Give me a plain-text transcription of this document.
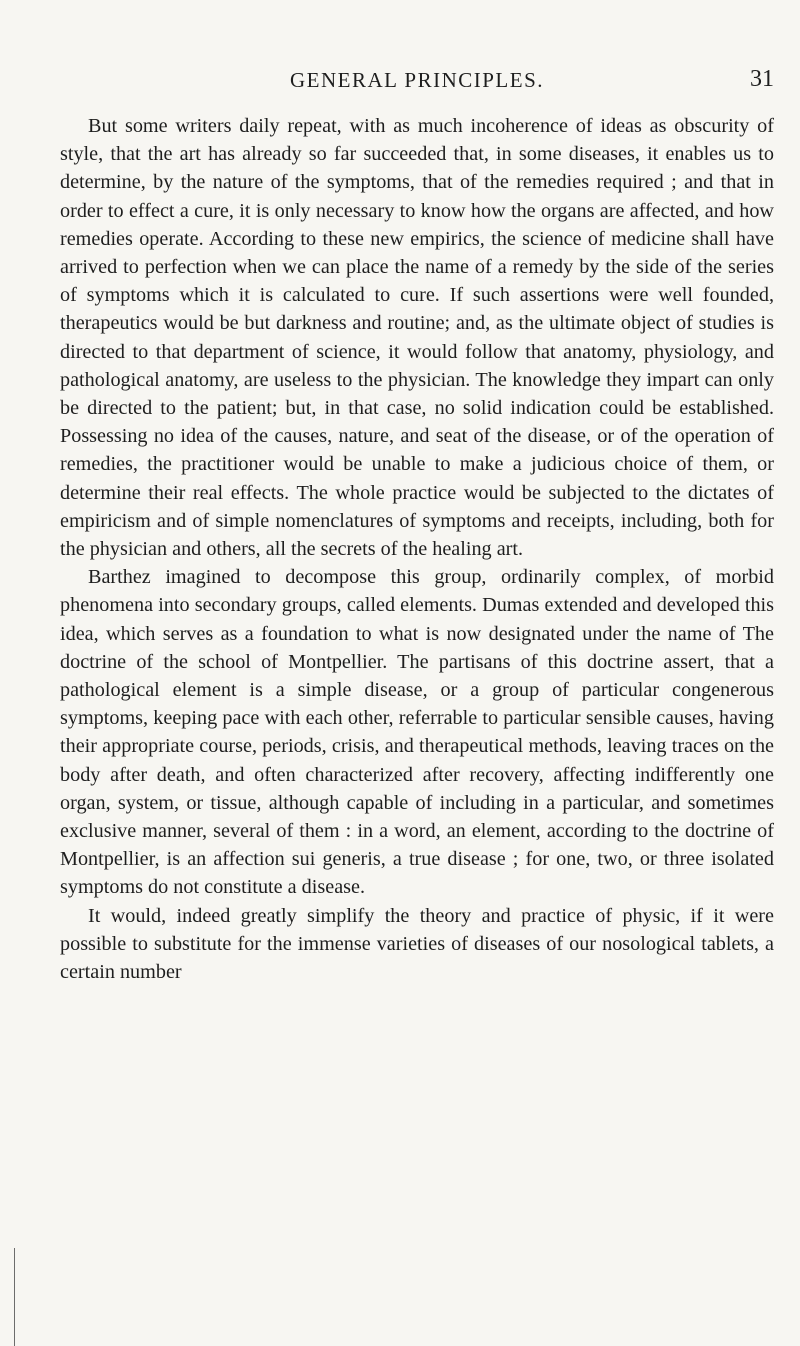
GENERAL PRINCIPLES.	31

But some writers daily repeat, with as much incoherence of ideas as obscurity of style, that the art has already so far succeeded that, in some diseases, it enables us to determine, by the nature of the symptoms, that of the remedies required ; and that in order to effect a cure, it is only necessary to know how the organs are affected, and how remedies operate. According to these new empirics, the science of medicine shall have arrived to perfection when we can place the name of a remedy by the side of the series of symptoms which it is calculated to cure. If such assertions were well founded, therapeutics would be but darkness and routine; and, as the ultimate object of studies is directed to that department of science, it would follow that anatomy, physiology, and pathological anatomy, are useless to the physician. The knowledge they impart can only be directed to the patient; but, in that case, no solid indication could be established. Possessing no idea of the causes, nature, and seat of the disease, or of the operation of remedies, the practitioner would be unable to make a judicious choice of them, or determine their real effects. The whole practice would be subjected to the dictates of empiricism and of simple nomenclatures of symptoms and receipts, including, both for the physician and others, all the secrets of the healing art.

Barthez imagined to decompose this group, ordinarily complex, of morbid phenomena into secondary groups, called elements. Dumas extended and developed this idea, which serves as a foundation to what is now designated under the name of The doctrine of the school of Montpellier. The partisans of this doctrine assert, that a pathological element is a simple disease, or a group of particular congenerous symptoms, keeping pace with each other, referrable to particular sensible causes, having their appropriate course, periods, crisis, and therapeutical methods, leaving traces on the body after death, and often characterized after recovery, affecting indifferently one organ, system, or tissue, although capable of including in a particular, and sometimes exclusive manner, several of them : in a word, an element, according to the doctrine of Montpellier, is an affection sui generis, a true disease ; for one, two, or three isolated symptoms do not constitute a disease.

It would, indeed greatly simplify the theory and practice of physic, if it were possible to substitute for the immense varieties of diseases of our nosological tablets, a certain number
